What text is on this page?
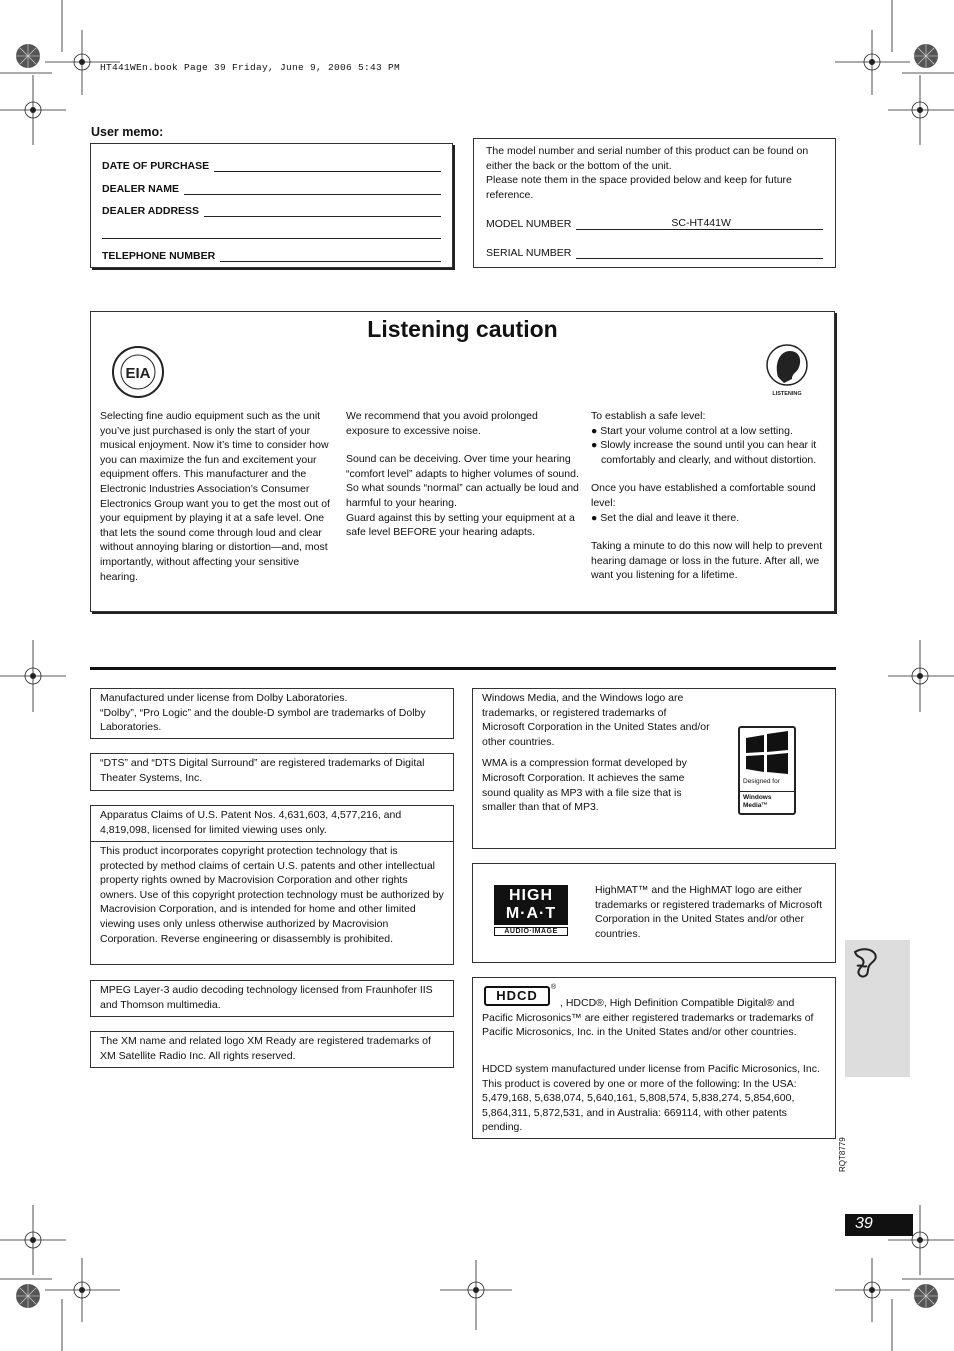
HT441WEn.book Page 39 Friday, June 9, 2006 5:43 PM
User memo:
DATE OF PURCHASE
DEALER NAME
DEALER ADDRESS
TELEPHONE NUMBER
The model number and serial number of this product can be found on either the back or the bottom of the unit.
Please note them in the space provided below and keep for future reference.
MODEL NUMBER	SC-HT441W
SERIAL NUMBER
Listening caution
EIA
LISTENING

Selecting fine audio equipment such as the unit you’ve just purchased is only the start of your musical enjoyment. Now it’s time to consider how you can maximize the fun and excitement your equipment offers. This manufacturer and the Electronic Industries Association’s Consumer Electronics Group want you to get the most out of your equipment by playing it at a safe level. One that lets the sound come through loud and clear without annoying blaring or distortion—and, most importantly, without affecting your sensitive hearing.

We recommend that you avoid prolonged exposure to excessive noise.

Sound can be deceiving. Over time your hearing “comfort level” adapts to higher volumes of sound. So what sounds “normal” can actually be loud and harmful to your hearing.

Guard against this by setting your equipment at a safe level BEFORE your hearing adapts.

To establish a safe level:

● Start your volume control at a low setting.

● Slowly increase the sound until you can hear it comfortably and clearly, and without distortion.

Once you have established a comfortable sound level:

● Set the dial and leave it there.

Taking a minute to do this now will help to prevent hearing damage or loss in the future. After all, we want you listening for a lifetime.

Manufactured under license from Dolby Laboratories.
“Dolby”, “Pro Logic” and the double-D symbol are trademarks of Dolby Laboratories.
“DTS” and “DTS Digital Surround” are registered trademarks of Digital Theater Systems, Inc.
Apparatus Claims of U.S. Patent Nos. 4,631,603, 4,577,216, and 4,819,098, licensed for limited viewing uses only.
This product incorporates copyright protection technology that is protected by method claims of certain U.S. patents and other intellectual property rights owned by Macrovision Corporation and other rights owners. Use of this copyright protection technology must be authorized by Macrovision Corporation, and is intended for home and other limited viewing uses only unless otherwise authorized by Macrovision Corporation. Reverse engineering or disassembly is prohibited.
MPEG Layer-3 audio decoding technology licensed from Fraunhofer IIS and Thomson multimedia.
The XM name and related logo XM Ready are registered trademarks of XM Satellite Radio Inc. All rights reserved.

Windows Media, and the Windows logo are trademarks, or registered trademarks of Microsoft Corporation in the United States and/or other countries.

WMA is a compression format developed by Microsoft Corporation. It achieves the same sound quality as MP3 with a file size that is smaller than that of MP3.

Designed for
Windows Media™
HIGH
M·A·T
AUDIO·IMAGE
HighMAT™ and the HighMAT logo are either trademarks or registered trademarks of Microsoft Corporation in the United States and/or other countries.
HDCD
®

, HDCD®, High Definition Compatible Digital® and Pacific Microsonics™ are either registered trademarks or trademarks of Pacific Microsonics, Inc. in the United States and/or other countries.

HDCD system manufactured under license from Pacific Microsonics, Inc. This product is covered by one or more of the following: In the USA: 5,479,168, 5,638,074, 5,640,161, 5,808,574, 5,838,274, 5,854,600, 5,864,311, 5,872,531, and in Australia: 669114, with other patents pending.

RQT8779
39
